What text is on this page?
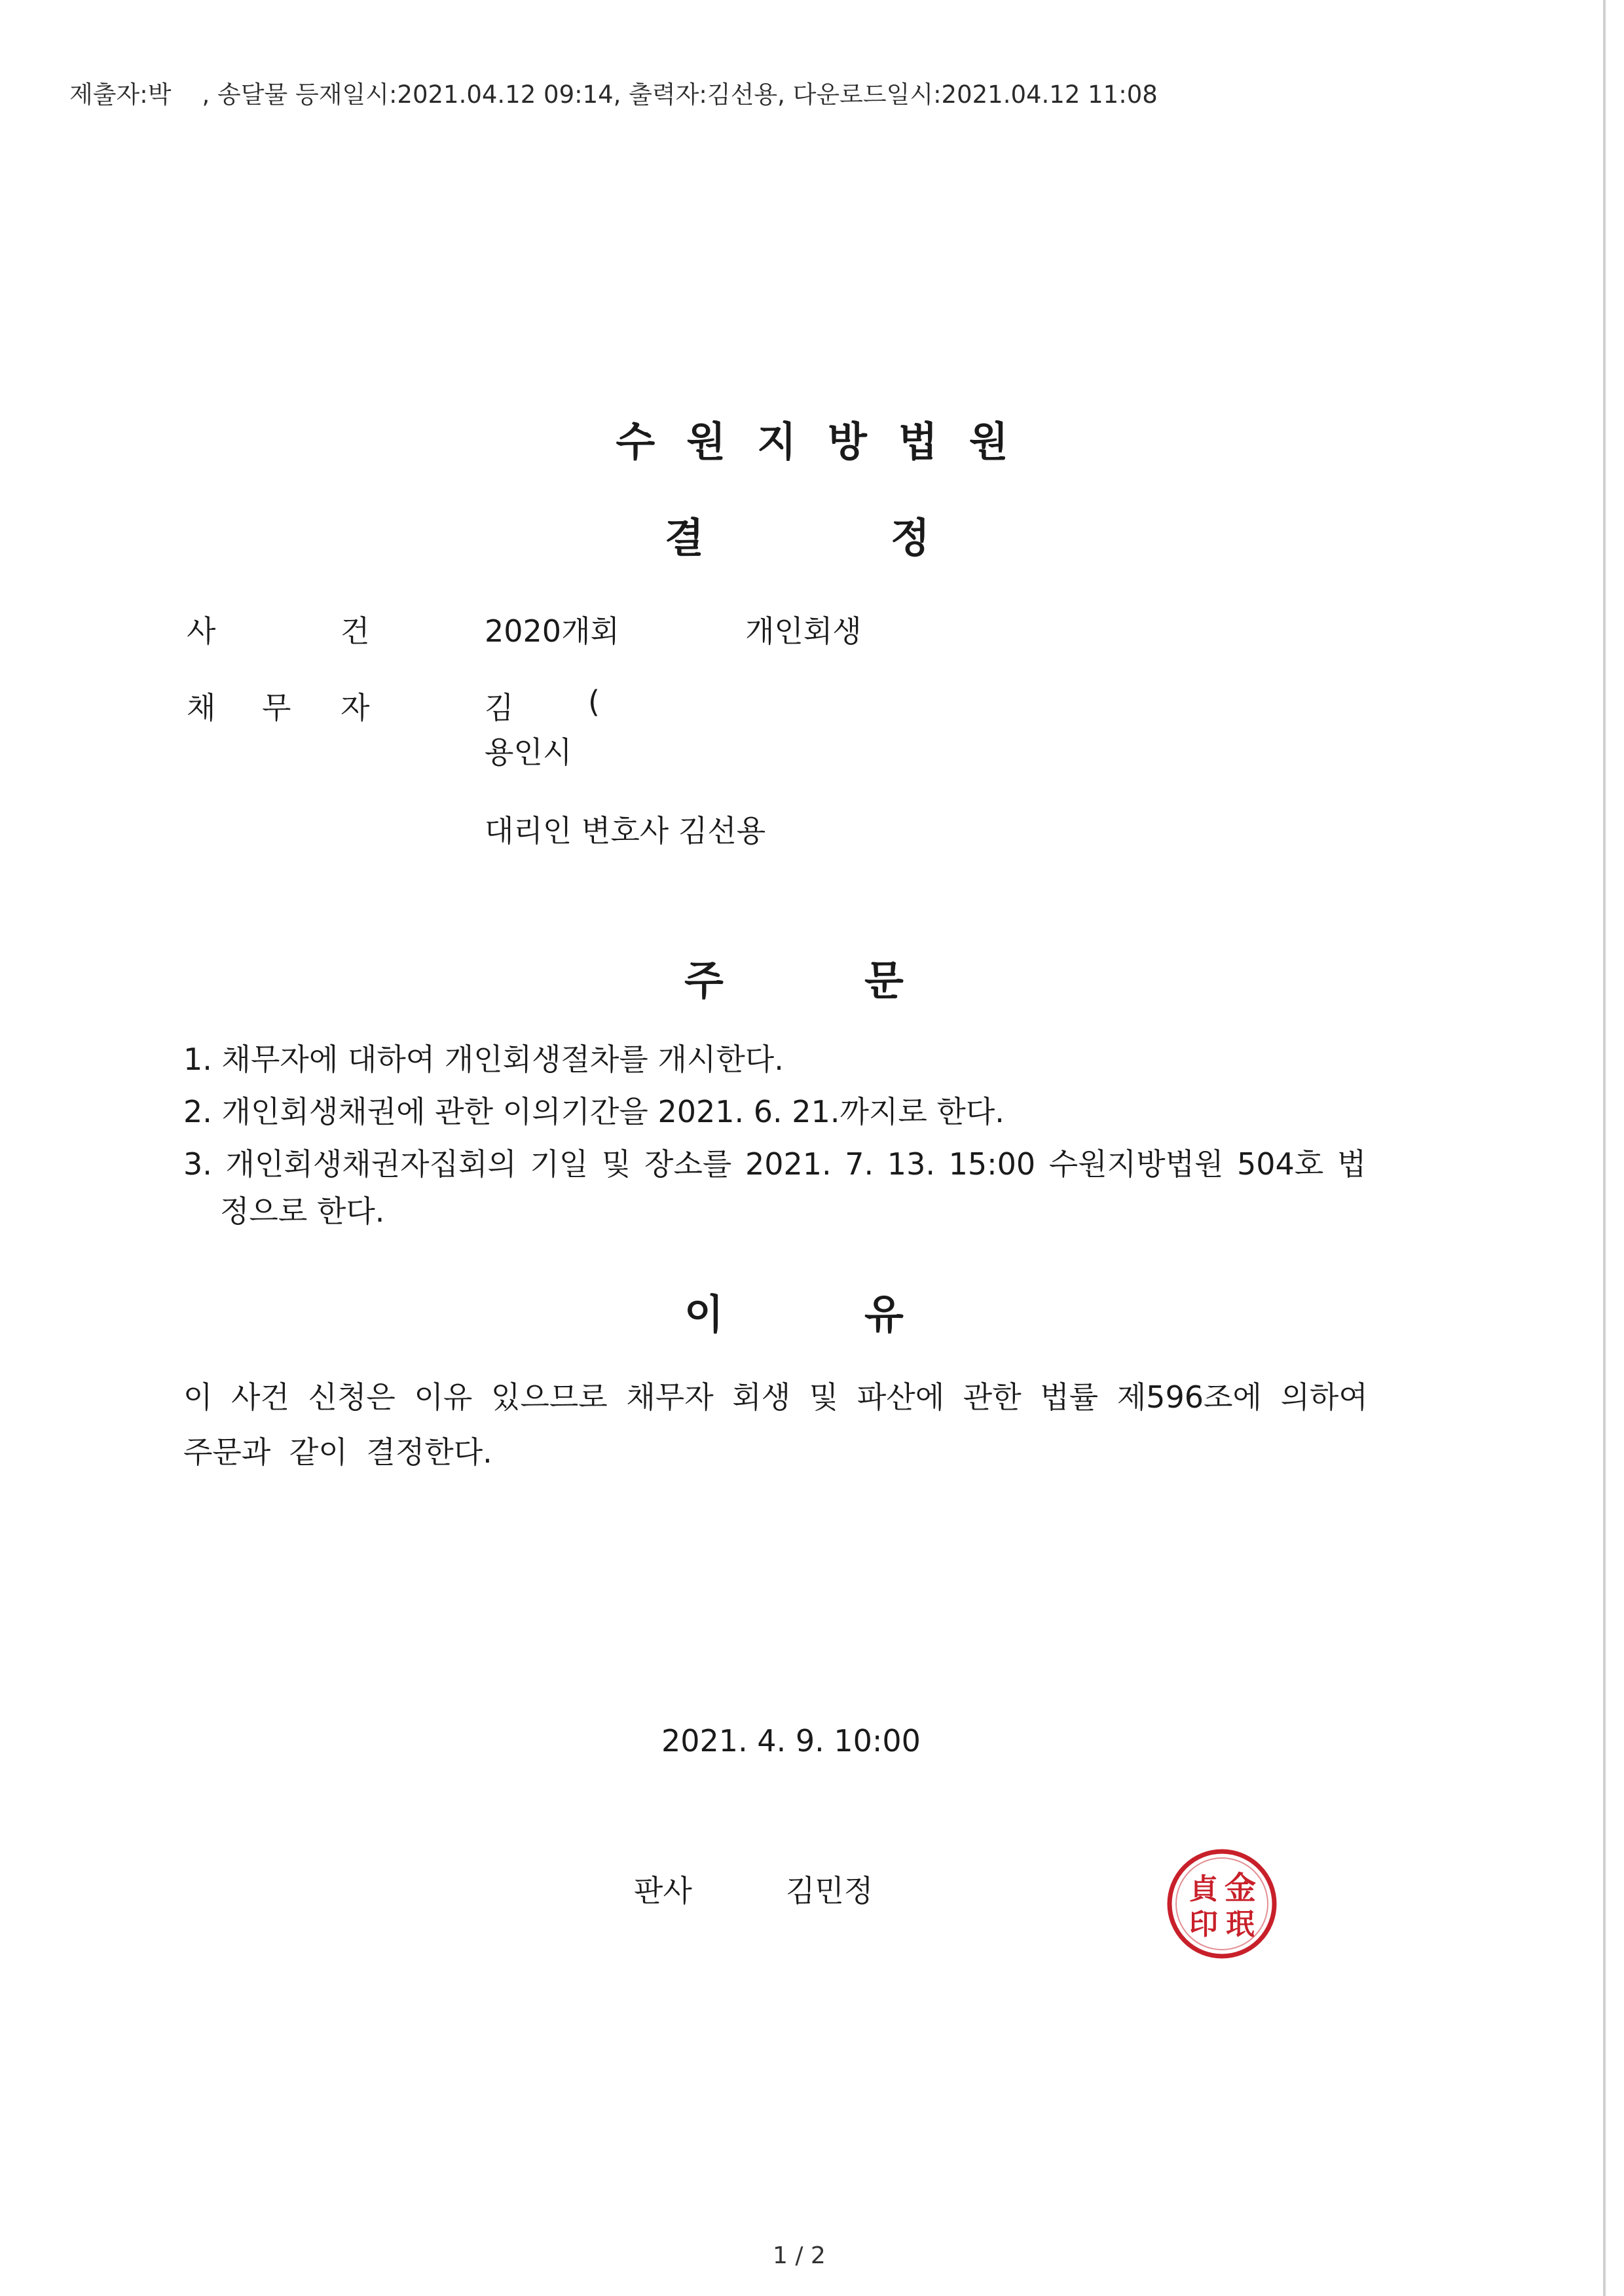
제출자:박    , 송달물 등재일시:2021.04.12 09:14, 출력자:김선용, 다운로드일시:2021.04.12 11:08
수원지방법원
결	정
사	건	2020개회	개인회생
채 무 자	김 (
용인시
대리인 변호사 김선용
주	문
1. 채무자에 대하여 개인회생절차를 개시한다.
2. 개인회생채권에 관한 이의기간을 2021. 6. 21.까지로 한다.
3. 개인회생채권자집회의 기일 및 장소를 2021. 7. 13. 15:00 수원지방법원 504호 법
정으로 한다.
이	유
이 사건 신청은 이유 있으므로 채무자 회생 및 파산에 관한 법률 제596조에 의하여
주문과 같이 결정한다.
2021. 4. 9. 10:00
판사	김민정	金
珉
貞
印
1 / 2
